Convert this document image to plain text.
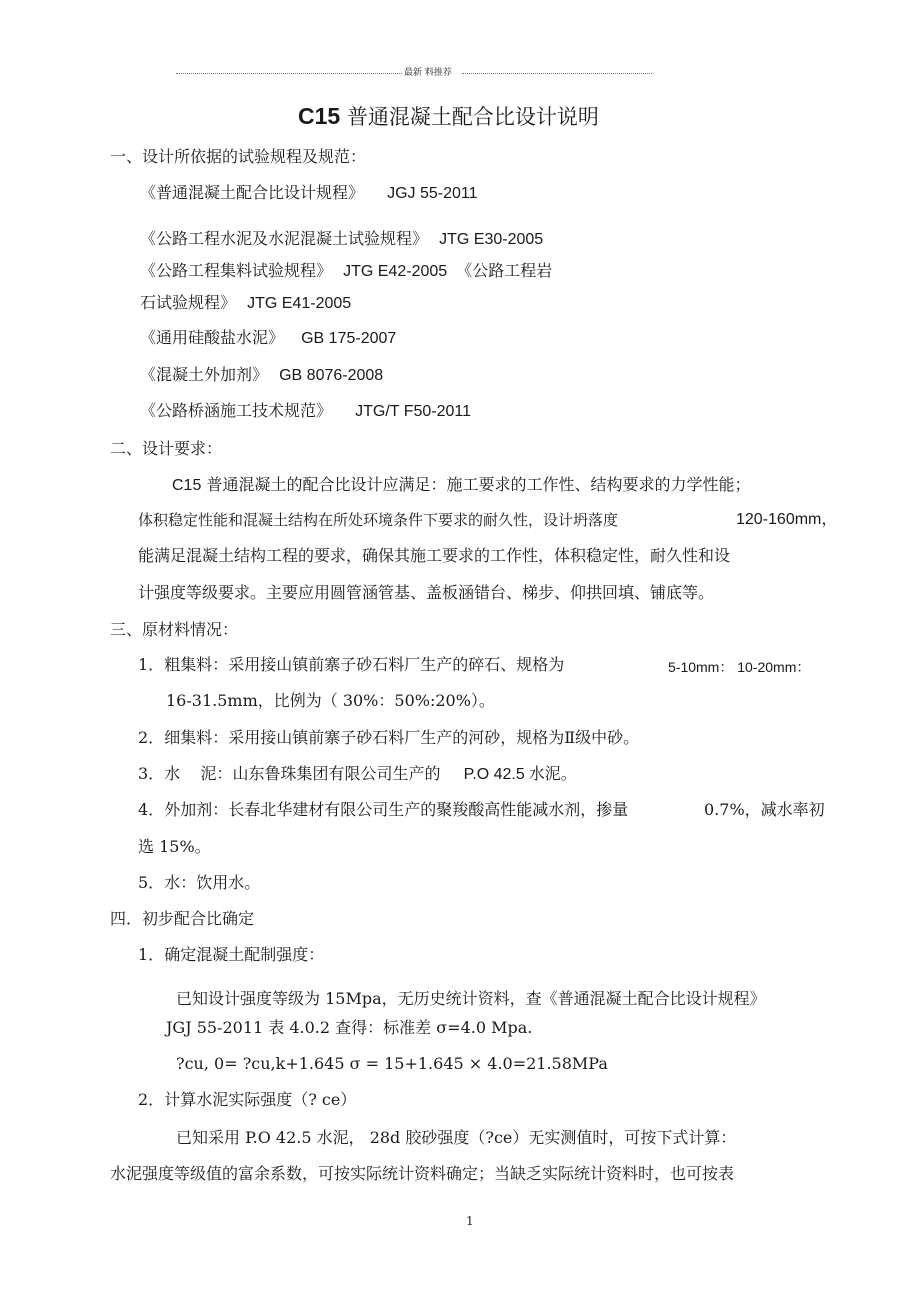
最新 料推荐
C15 普通混凝土配合比设计说明
一、设计所依据的试验规程及规范：
《普通混凝土配合比设计规程》 JGJ 55-2011
《公路工程水泥及水泥混凝土试验规程》 JTG E30-2005
《公路工程集料试验规程》 JTG E42-2005 《公路工程岩
石试验规程》 JTG E41-2005
《通用硅酸盐水泥》 GB 175-2007
《混凝土外加剂》 GB 8076-2008
《公路桥涵施工技术规范》 JTG/T F50-2011
二、设计要求：
C15 普通混凝土的配合比设计应满足：施工要求的工作性、结构要求的力学性能；
体积稳定性能和混凝土结构在所处环境条件下要求的耐久性，设计坍落度	120-160mm，
能满足混凝土结构工程的要求，确保其施工要求的工作性，体积稳定性，耐久性和设
计强度等级要求。主要应用圆管涵管基、盖板涵错台、梯步、仰拱回填、铺底等。
三、原材料情况：
1．粗集料：采用接山镇前寨子砂石料厂生产的碎石、规格为	5-10mm： 10-20mm：
16-31.5mm，比例为（ 30%：50%:20%）。
2．细集料：采用接山镇前寨子砂石料厂生产的河砂，规格为Ⅱ级中砂。
3．水    泥：山东鲁珠集团有限公司生产的 P.O 42.5 水泥。
4．外加剂：长春北华建材有限公司生产的聚羧酸高性能减水剂，掺量	0.7%，减水率初
选 15%。
5．水：饮用水。
四．初步配合比确定
1．确定混凝土配制强度：
已知设计强度等级为 15Mpa，无历史统计资料，查《普通混凝土配合比设计规程》
JGJ 55-2011 表 4.0.2 查得：标准差 σ=4.0 Mpa.
?cu, 0= ?cu,k+1.645 σ = 15+1.645 × 4.0=21.58MPa
2．计算水泥实际强度（? ce）
已知采用 P.O 42.5 水泥， 28d 胶砂强度（?ce）无实测值时，可按下式计算：
水泥强度等级值的富余系数，可按实际统计资料确定；当缺乏实际统计资料时，也可按表
1
